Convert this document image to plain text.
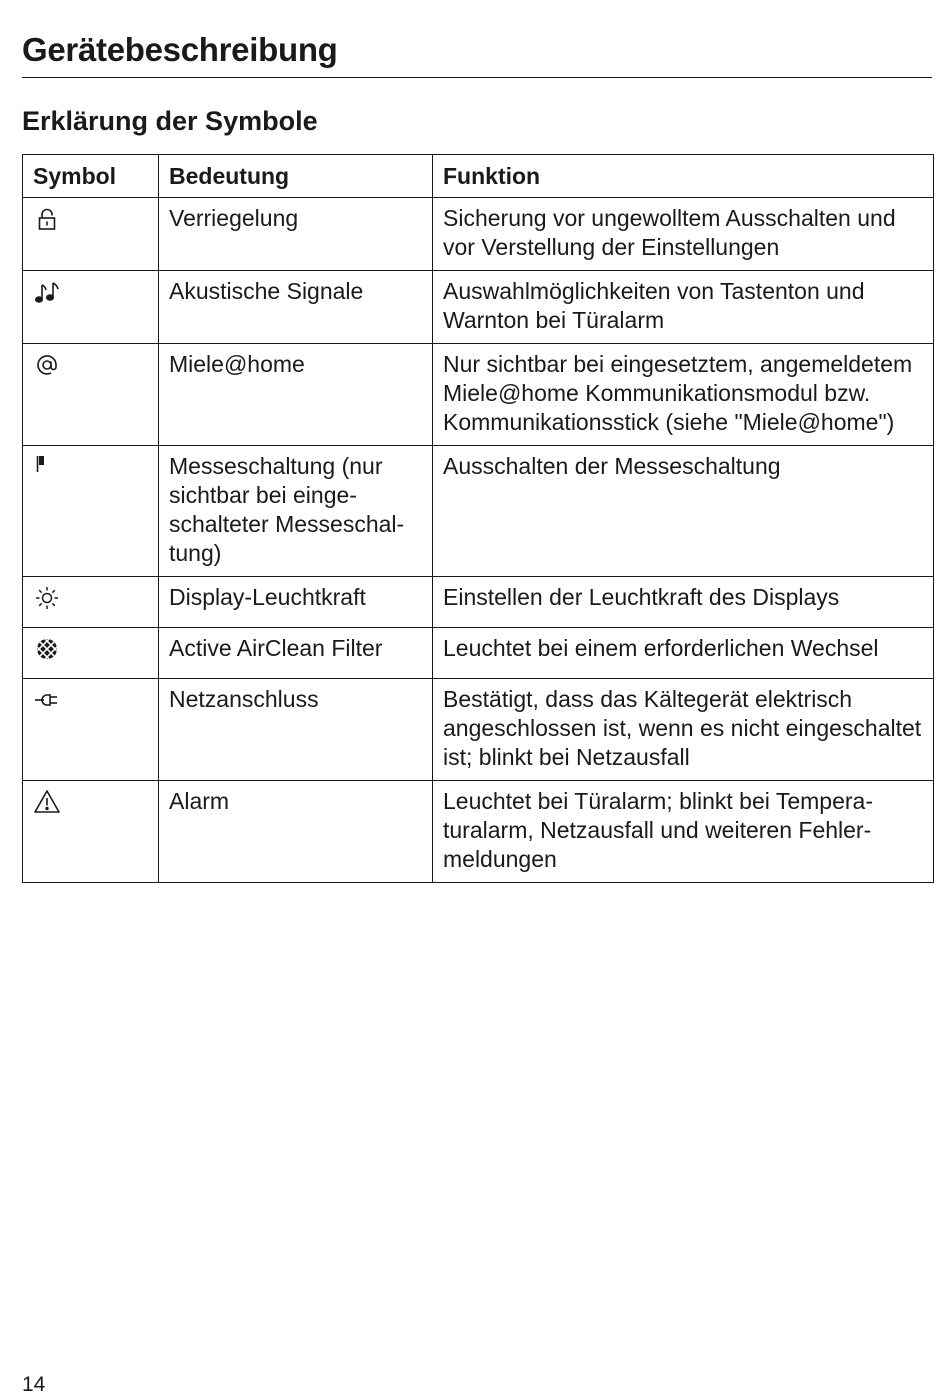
Gerätebeschreibung
Erklärung der Symbole
Symbol	Bedeutung	Funktion

	Verriegelung	Sicherung vor ungewolltem Ausschalten und vor Verstellung der Einstellungen

	Akustische Signale	Auswahlmöglichkeiten von Tastenton und Warnton bei Türalarm

	Miele@home	Nur sichtbar bei eingesetztem, angemeldetem Miele@home Kommunikationsmodul bzw. Kommunikationsstick (siehe "Miele@home")

	Messeschaltung (nur sichtbar bei eingeschalteter Messeschaltung)	Ausschalten der Messeschaltung

	Display-Leuchtkraft	Einstellen der Leuchtkraft des Displays

	Active AirClean Filter	Leuchtet bei einem erforderlichen Wechsel

	Netzanschluss	Bestätigt, dass das Kältegerät elektrisch angeschlossen ist, wenn es nicht eingeschaltet ist; blinkt bei Netzausfall

	Alarm	Leuchtet bei Türalarm; blinkt bei Temperaturalarm, Netzausfall und weiteren Fehlermeldungen
14
